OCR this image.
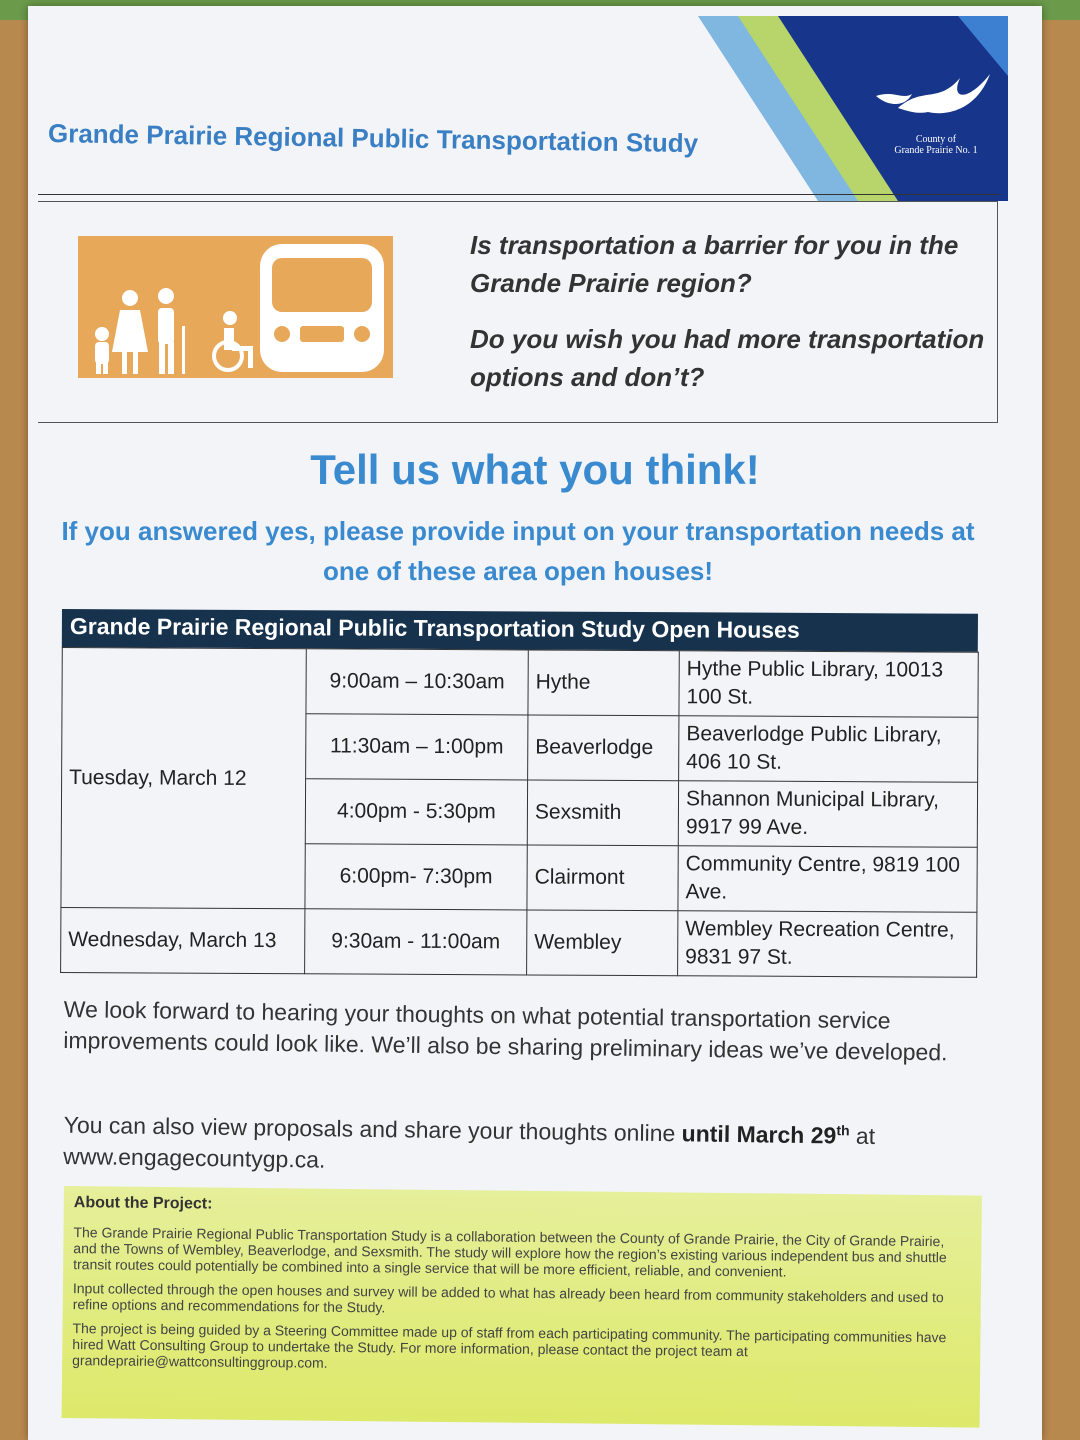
Grande Prairie Regional Public Transportation Study	County of
Grande Prairie No. 1
Is transportation a barrier for you in the Grande Prairie region?
Do you wish you had more transportation options and don’t?
Tell us what you think!
If you answered yes, please provide input on your transportation needs at one of these area open houses!
Grande Prairie Regional Public Transportation Study Open Houses
Tuesday, March 12	9:00am – 10:30am	Hythe	Hythe Public Library, 10013 100 St.
	11:30am – 1:00pm	Beaverlodge	Beaverlodge Public Library, 406 10 St.
	4:00pm - 5:30pm	Sexsmith	Shannon Municipal Library, 9917 99 Ave.
	6:00pm- 7:30pm	Clairmont	Community Centre, 9819 100 Ave.
Wednesday, March 13	9:30am - 11:00am	Wembley	Wembley Recreation Centre, 9831 97 St.
We look forward to hearing your thoughts on what potential transportation service improvements could look like. We’ll also be sharing preliminary ideas we’ve developed.
You can also view proposals and share your thoughts online until March 29th at www.engagecountygp.ca.
About the Project:

The Grande Prairie Regional Public Transportation Study is a collaboration between the County of Grande Prairie, the City of Grande Prairie, and the Towns of Wembley, Beaverlodge, and Sexsmith. The study will explore how the region’s existing various independent bus and shuttle transit routes could potentially be combined into a single service that will be more efficient, reliable, and convenient.

Input collected through the open houses and survey will be added to what has already been heard from community stakeholders and used to refine options and recommendations for the Study.

The project is being guided by a Steering Committee made up of staff from each participating community. The participating communities have hired Watt Consulting Group to undertake the Study. For more information, please contact the project team at grandeprairie@wattconsultinggroup.com.
